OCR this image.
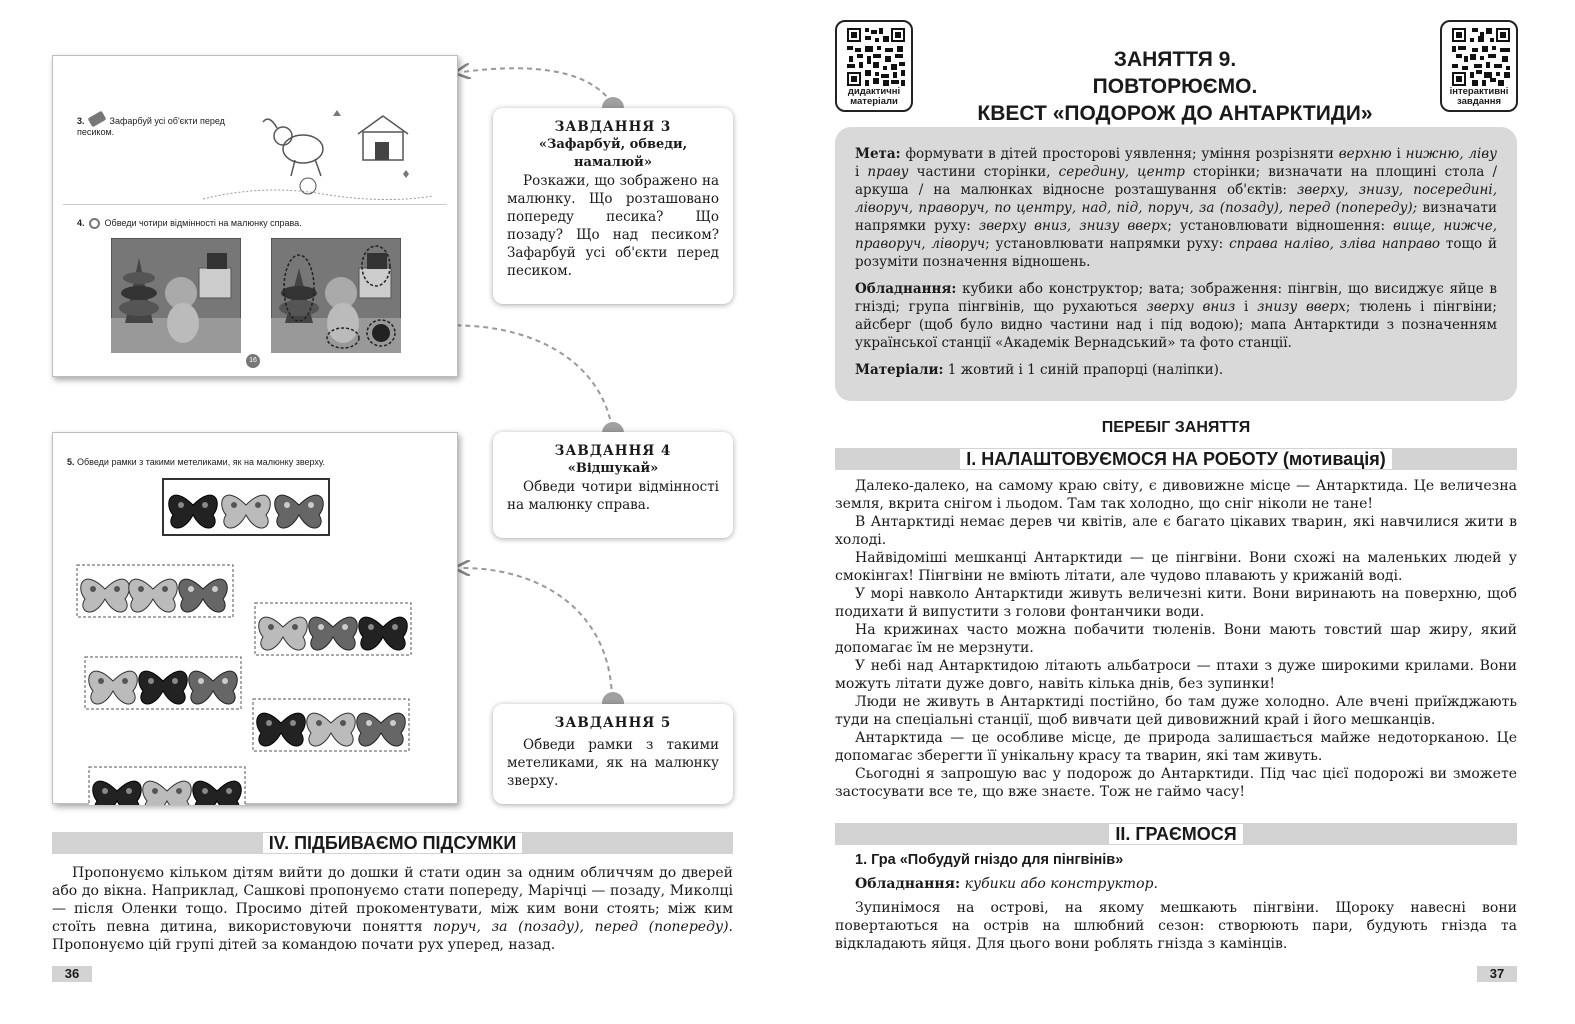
3.	Зафарбуй усі об'єкти перед песиком.
4. Обведи чотири відмінності на малюнку справа.
16
5. Обведи рамки з такими метеликами, як на малюнку зверху.
ЗАВДАННЯ 3
«Зафарбуй, обведи, намалюй»
Розкажи, що зображено на малюнку. Що розташовано попереду песика? Що позаду? Що над песиком? Зафарбуй усі об'єкти перед песиком.
ЗАВДАННЯ 4
«Відшукай»
Обведи чотири відмінності на малюнку справа.
ЗАВДАННЯ 5
Обведи рамки з такими метеликами, як на малюнку зверху.
IV. ПІДБИВАЄМО ПІДСУМКИ

Пропонуємо кільком дітям вийти до дошки й стати один за одним обличчям до дверей або до вікна. Наприклад, Сашкові пропонуємо стати попереду, Марічці — позаду, Миколці — після Оленки тощо. Просимо дітей прокоментувати, між ким вони стоять; між ким стоїть певна дитина, використовуючи поняття поруч, за (позаду), перед (попереду). Пропонуємо цій групі дітей за командою почати рух уперед, назад.

36
дидактичні матеріали
інтерактивні завдання
ЗАНЯТТЯ 9.
ПОВТОРЮЄМО.
КВЕСТ «ПОДОРОЖ ДО АНТАРКТИДИ»

Мета: формувати в дітей просторові уявлення; уміння розрізняти верхню і нижню, ліву і праву частини сторінки, середину, центр сторінки; визначати на площині стола / аркуша / на малюнках відносне розташування об'єктів: зверху, знизу, посередині, ліворуч, праворуч, по центру, над, під, поруч, за (позаду), перед (попереду); визначати напрямки руху: зверху вниз, знизу вверх; установлювати відношення: вище, нижче, праворуч, ліворуч; установлювати напрямки руху: справа наліво, зліва направо тощо й розуміти позначення відношень.

Обладнання: кубики або конструктор; вата; зображення: пінгвін, що висиджує яйце в гнізді; група пінгвінів, що рухаються зверху вниз і знизу вверх; тюлень і пінгвіни; айсберг (щоб було видно частини над і під водою); мапа Антарктиди з позначенням української станції «Академік Вернадський» та фото станції.

Матеріали: 1 жовтий і 1 синій прапорці (наліпки).

ПЕРЕБІГ ЗАНЯТТЯ
I. НАЛАШТОВУЄМОСЯ НА РОБОТУ (мотивація)

Далеко-далеко, на самому краю світу, є дивовижне місце — Антарктида. Це величезна земля, вкрита снігом і льодом. Там так холодно, що сніг ніколи не тане!

В Антарктиді немає дерев чи квітів, але є багато цікавих тварин, які навчилися жити в холоді.

Найвідоміші мешканці Антарктиди — це пінгвіни. Вони схожі на маленьких людей у смокінгах! Пінгвіни не вміють літати, але чудово плавають у крижаній воді.

У морі навколо Антарктиди живуть величезні кити. Вони виринають на поверхню, щоб подихати й випустити з голови фонтанчики води.

На крижинах часто можна побачити тюленів. Вони мають товстий шар жиру, який допомагає їм не мерзнути.

У небі над Антарктидою літають альбатроси — птахи з дуже широкими крилами. Вони можуть літати дуже довго, навіть кілька днів, без зупинки!

Люди не живуть в Антарктиді постійно, бо там дуже холодно. Але вчені приїжджають туди на спеціальні станції, щоб вивчати цей дивовижний край і його мешканців.

Антарктида — це особливе місце, де природа залишається майже недоторканою. Це допомагає зберегти її унікальну красу та тварин, які там живуть.

Сьогодні я запрошую вас у подорож до Антарктиди. Під час цієї подорожі ви зможете застосувати все те, що вже знаєте. Тож не гаймо часу!

II. ГРАЄМОСЯ
1. Гра «Побудуй гніздо для пінгвінів»

Обладнання: кубики або конструктор.

Зупинімося на острові, на якому мешкають пінгвіни. Щороку навесні вони повертаються на острів на шлюбний сезон: створюють пари, будують гнізда та відкладають яйця. Для цього вони роблять гнізда з камінців.

37
